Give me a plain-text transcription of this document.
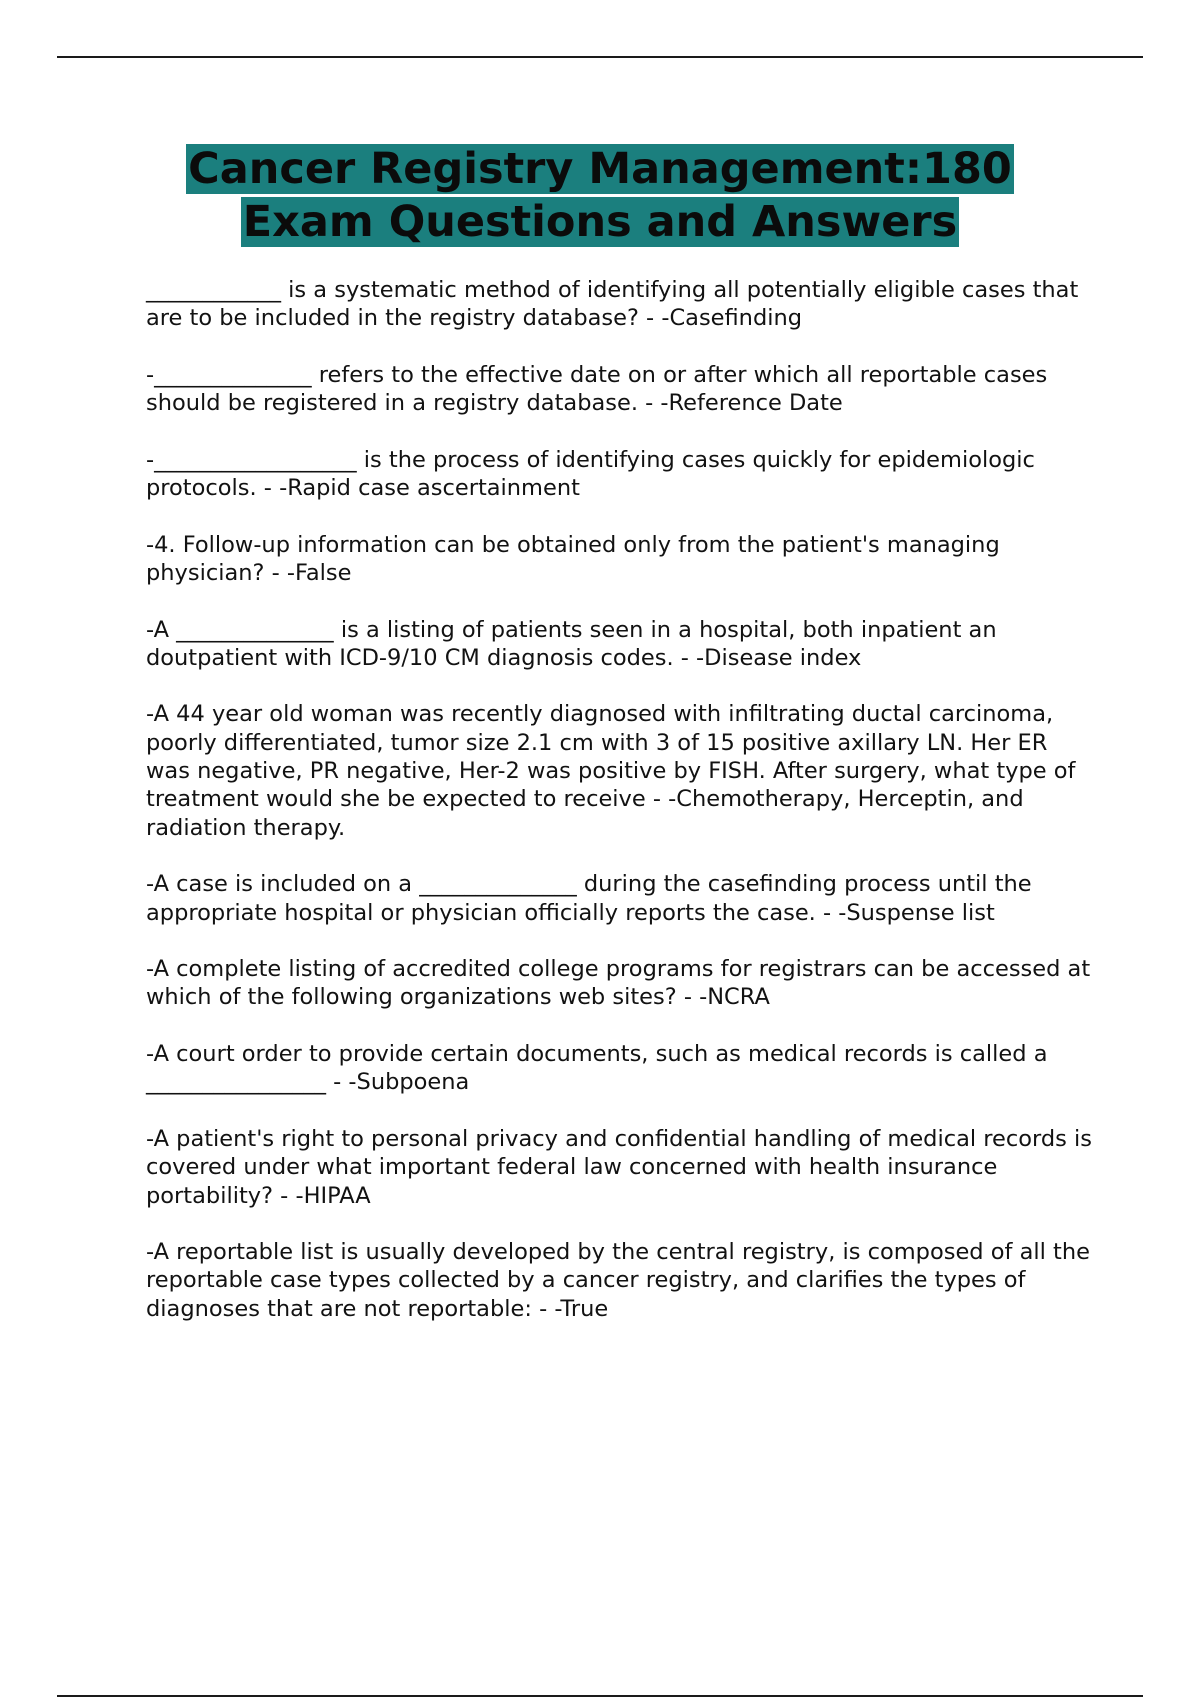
Cancer Registry Management:180
Exam Questions and Answers

____________ is a systematic method of identifying all potentially eligible cases that are to be included in the registry database? - -Casefinding

-______________ refers to the effective date on or after which all reportable cases should be registered in a registry database. - -Reference Date

-__________________ is the process of identifying cases quickly for epidemiologic protocols. - -Rapid case ascertainment

-4. Follow-up information can be obtained only from the patient's managing physician? - -False

-A ______________ is a listing of patients seen in a hospital, both inpatient an doutpatient with ICD-9/10 CM diagnosis codes. - -Disease index

-A 44 year old woman was recently diagnosed with infiltrating ductal carcinoma, poorly differentiated, tumor size 2.1 cm with 3 of 15 positive axillary LN. Her ER was negative, PR negative, Her-2 was positive by FISH. After surgery, what type of treatment would she be expected to receive - -Chemotherapy, Herceptin, and radiation therapy.

-A case is included on a ______________ during the casefinding process until the appropriate hospital or physician officially reports the case. - -Suspense list

-A complete listing of accredited college programs for registrars can be accessed at which of the following organizations web sites? - -NCRA

-A court order to provide certain documents, such as medical records is called a ________________ - -Subpoena

-A patient's right to personal privacy and confidential handling of medical records is covered under what important federal law concerned with health insurance portability? - -HIPAA

-A reportable list is usually developed by the central registry, is composed of all the reportable case types collected by a cancer registry, and clarifies the types of diagnoses that are not reportable: - -True
